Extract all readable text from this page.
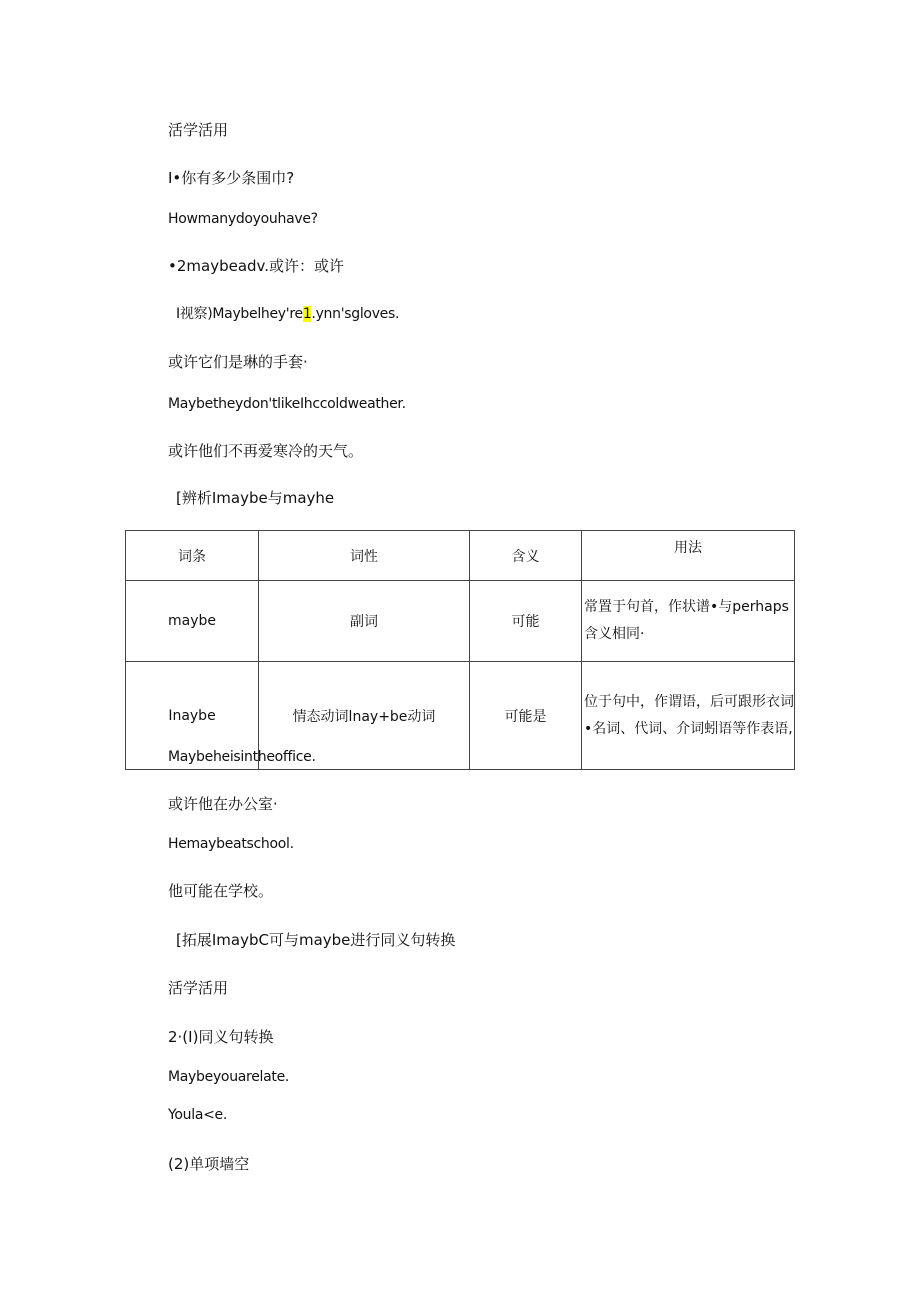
活学活用
I•你有多少条围巾?
Howmanydoyouhave?
•2maybeadv.或许：或许
I视察)Maybelhey're1.ynn'sgloves.
或许它们是琳的手套·
Maybetheydon'tlikeIhccoldweather.
或许他们不再爱寒冷的天气。
[辨析Imaybe与mayhe
词条	词性	含义	用法
maybe	副词	可能	常置于句首，作状谱•与perhaps含义相同·
Inaybe	情态动词lnay+be动词	可能是	位于句中，作谓语，后可跟形衣词•名词、代词、介词蚓语等作表语,
Maybeheisintheoffice.
或许他在办公室·
Hemaybeatschool.
他可能在学校。
[拓展ImaybC可与maybe进行同义句转换
活学活用
2·(I)同义句转换
Maybeyouarelate.
Youla<e.
(2)单项墙空
